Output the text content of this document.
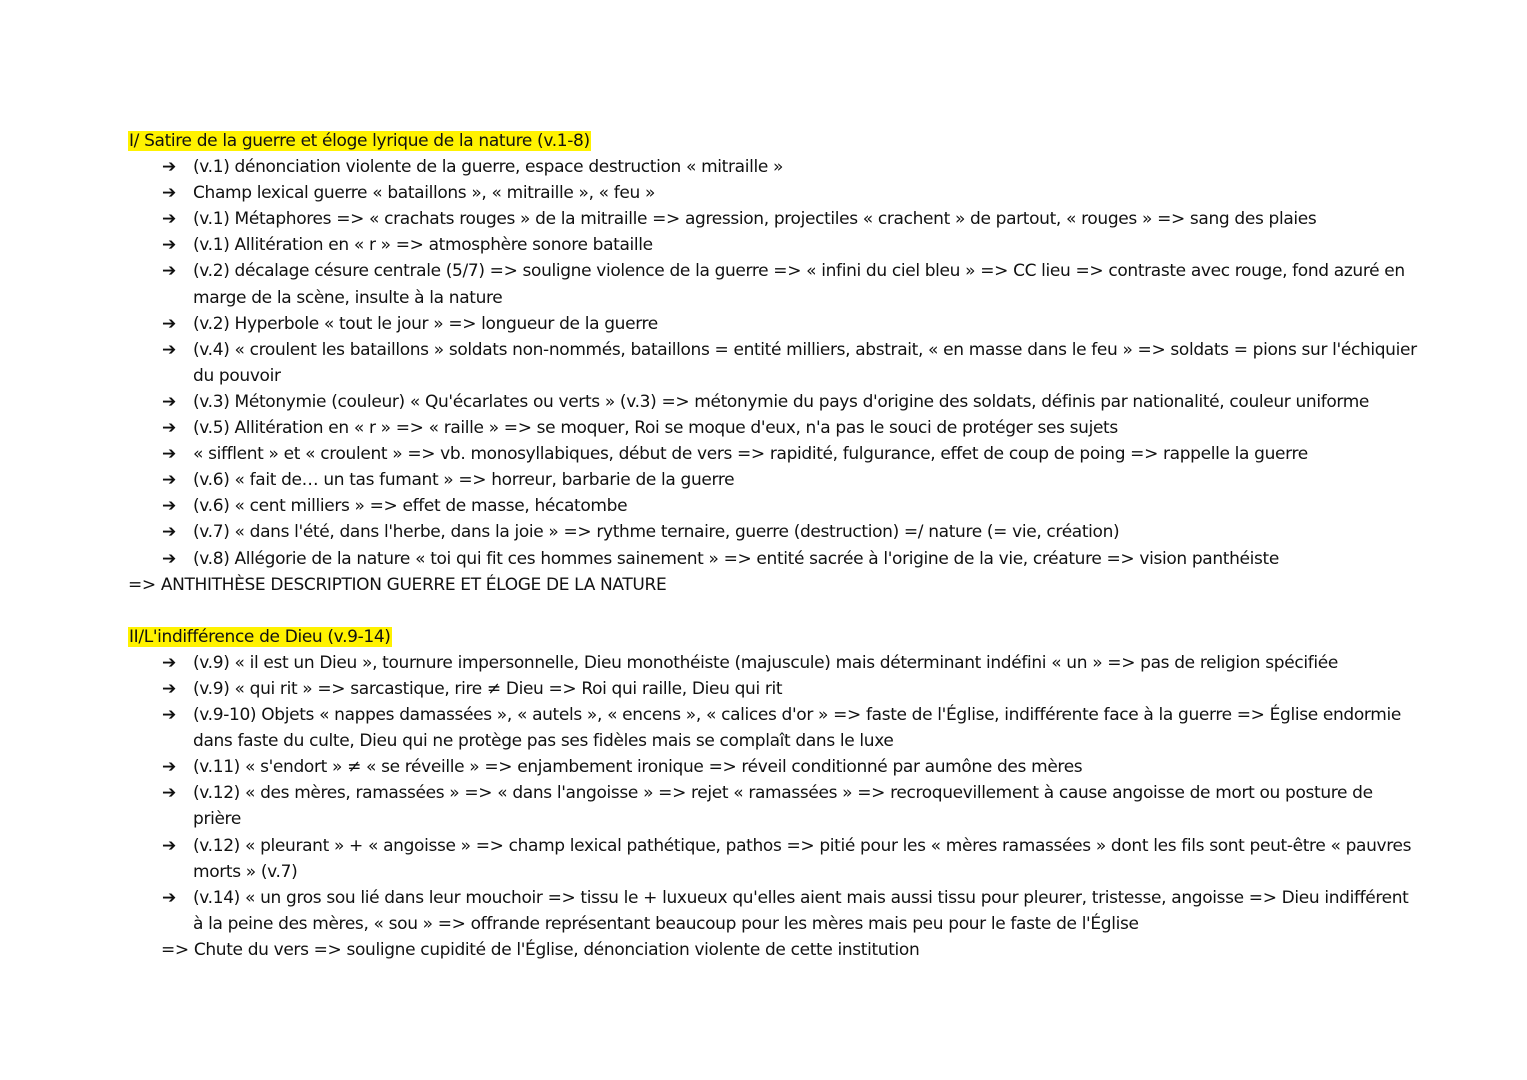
I/ Satire de la guerre et éloge lyrique de la nature (v.1-8)

➔ (v.1) dénonciation violente de la guerre, espace destruction « mitraille »
➔ Champ lexical guerre « bataillons », « mitraille », « feu »
➔ (v.1) Métaphores => « crachats rouges » de la mitraille => agression, projectiles « crachent » de partout, « rouges » => sang des plaies
➔ (v.1) Allitération en « r » => atmosphère sonore bataille
➔ (v.2) décalage césure centrale (5/7) => souligne violence de la guerre => « infini du ciel bleu » => CC lieu => contraste avec rouge, fond azuré en marge de la scène, insulte à la nature
➔ (v.2) Hyperbole « tout le jour » => longueur de la guerre
➔ (v.4) « croulent les bataillons » soldats non-nommés, bataillons = entité milliers, abstrait, « en masse dans le feu » => soldats = pions sur l'échiquier du pouvoir
➔ (v.3) Métonymie (couleur) « Qu'écarlates ou verts » (v.3) => métonymie du pays d'origine des soldats, définis par nationalité, couleur uniforme
➔ (v.5) Allitération en « r » => « raille » => se moquer, Roi se moque d'eux, n'a pas le souci de protéger ses sujets
➔ « sifflent » et « croulent » => vb. monosyllabiques, début de vers => rapidité, fulgurance, effet de coup de poing => rappelle la guerre
➔ (v.6) « fait de… un tas fumant » => horreur, barbarie de la guerre
➔ (v.6) « cent milliers » => effet de masse, hécatombe
➔ (v.7) « dans l'été, dans l'herbe, dans la joie » => rythme ternaire, guerre (destruction) =/ nature (= vie, création)
➔ (v.8) Allégorie de la nature « toi qui fit ces hommes sainement » => entité sacrée à l'origine de la vie, créature => vision panthéiste

=> ANTHITHÈSE DESCRIPTION GUERRE ET ÉLOGE DE LA NATURE

II/L'indifférence de Dieu (v.9-14)

➔ (v.9) « il est un Dieu », tournure impersonnelle, Dieu monothéiste (majuscule) mais déterminant indéfini « un » => pas de religion spécifiée
➔ (v.9) « qui rit » => sarcastique, rire ≠ Dieu => Roi qui raille, Dieu qui rit
➔ (v.9-10) Objets « nappes damassées », « autels », « encens », « calices d'or » => faste de l'Église, indifférente face à la guerre => Église endormie dans faste du culte, Dieu qui ne protège pas ses fidèles mais se complaît dans le luxe
➔ (v.11) « s'endort » ≠ « se réveille » => enjambement ironique => réveil conditionné par aumône des mères
➔ (v.12) « des mères, ramassées » => « dans l'angoisse » => rejet « ramassées » => recroquevillement à cause angoisse de mort ou posture de prière
➔ (v.12) « pleurant » + « angoisse » => champ lexical pathétique, pathos => pitié pour les « mères ramassées » dont les fils sont peut-être « pauvres morts » (v.7)
➔ (v.14) « un gros sou lié dans leur mouchoir => tissu le + luxueux qu'elles aient mais aussi tissu pour pleurer, tristesse, angoisse => Dieu indifférent à la peine des mères, « sou » => offrande représentant beaucoup pour les mères mais peu pour le faste de l'Église

=> Chute du vers => souligne cupidité de l'Église, dénonciation violente de cette institution
